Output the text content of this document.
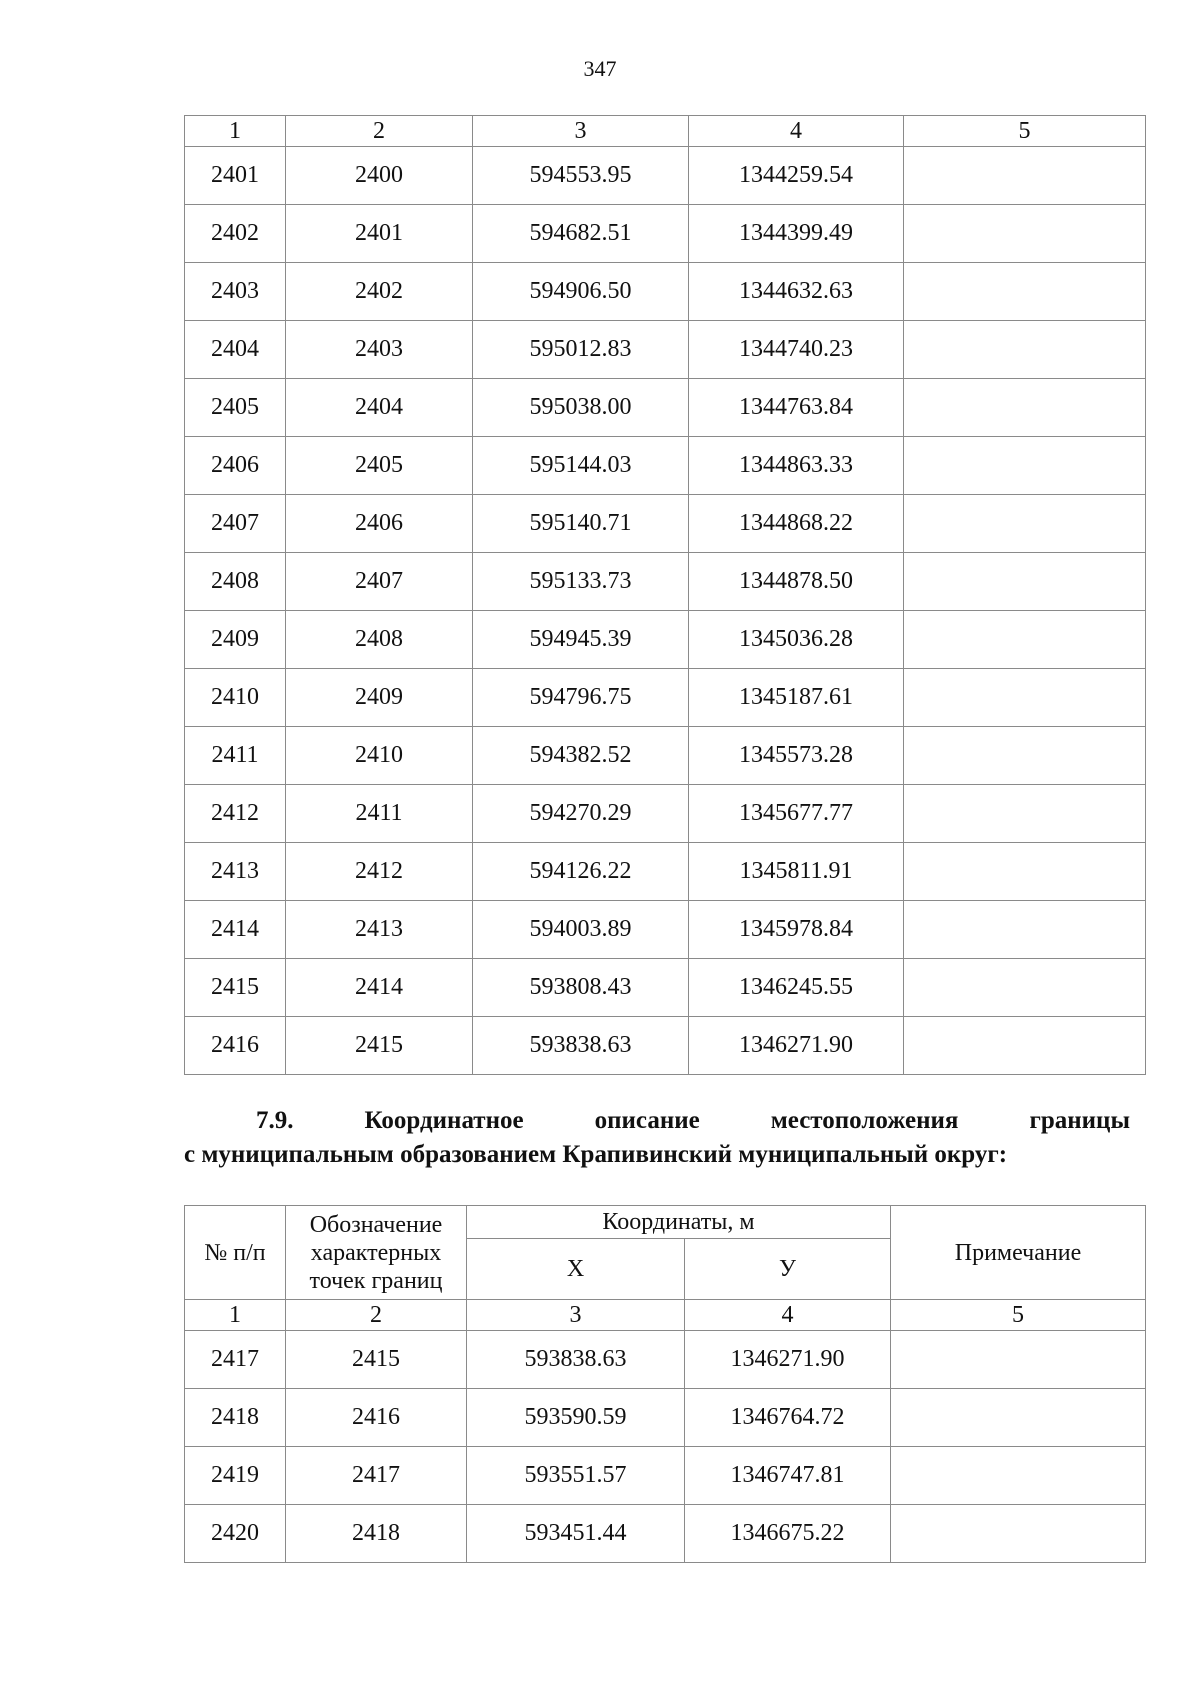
347
1	2	3	4	5
2401	2400	594553.95	1344259.54	
2402	2401	594682.51	1344399.49	
2403	2402	594906.50	1344632.63	
2404	2403	595012.83	1344740.23	
2405	2404	595038.00	1344763.84	
2406	2405	595144.03	1344863.33	
2407	2406	595140.71	1344868.22	
2408	2407	595133.73	1344878.50	
2409	2408	594945.39	1345036.28	
2410	2409	594796.75	1345187.61	
2411	2410	594382.52	1345573.28	
2412	2411	594270.29	1345677.77	
2413	2412	594126.22	1345811.91	
2414	2413	594003.89	1345978.84	
2415	2414	593808.43	1346245.55	
2416	2415	593838.63	1346271.90	
7.9.	Координатное	описание	местоположения	границы
с муниципальным образованием Крапивинский муниципальный округ:
№ п/п	Обозначение характерных точек границ	Координаты, м		Примечание
		X	У	

1	2	3	4	5
2417	2415	593838.63	1346271.90	
2418	2416	593590.59	1346764.72	
2419	2417	593551.57	1346747.81	
2420	2418	593451.44	1346675.22	
